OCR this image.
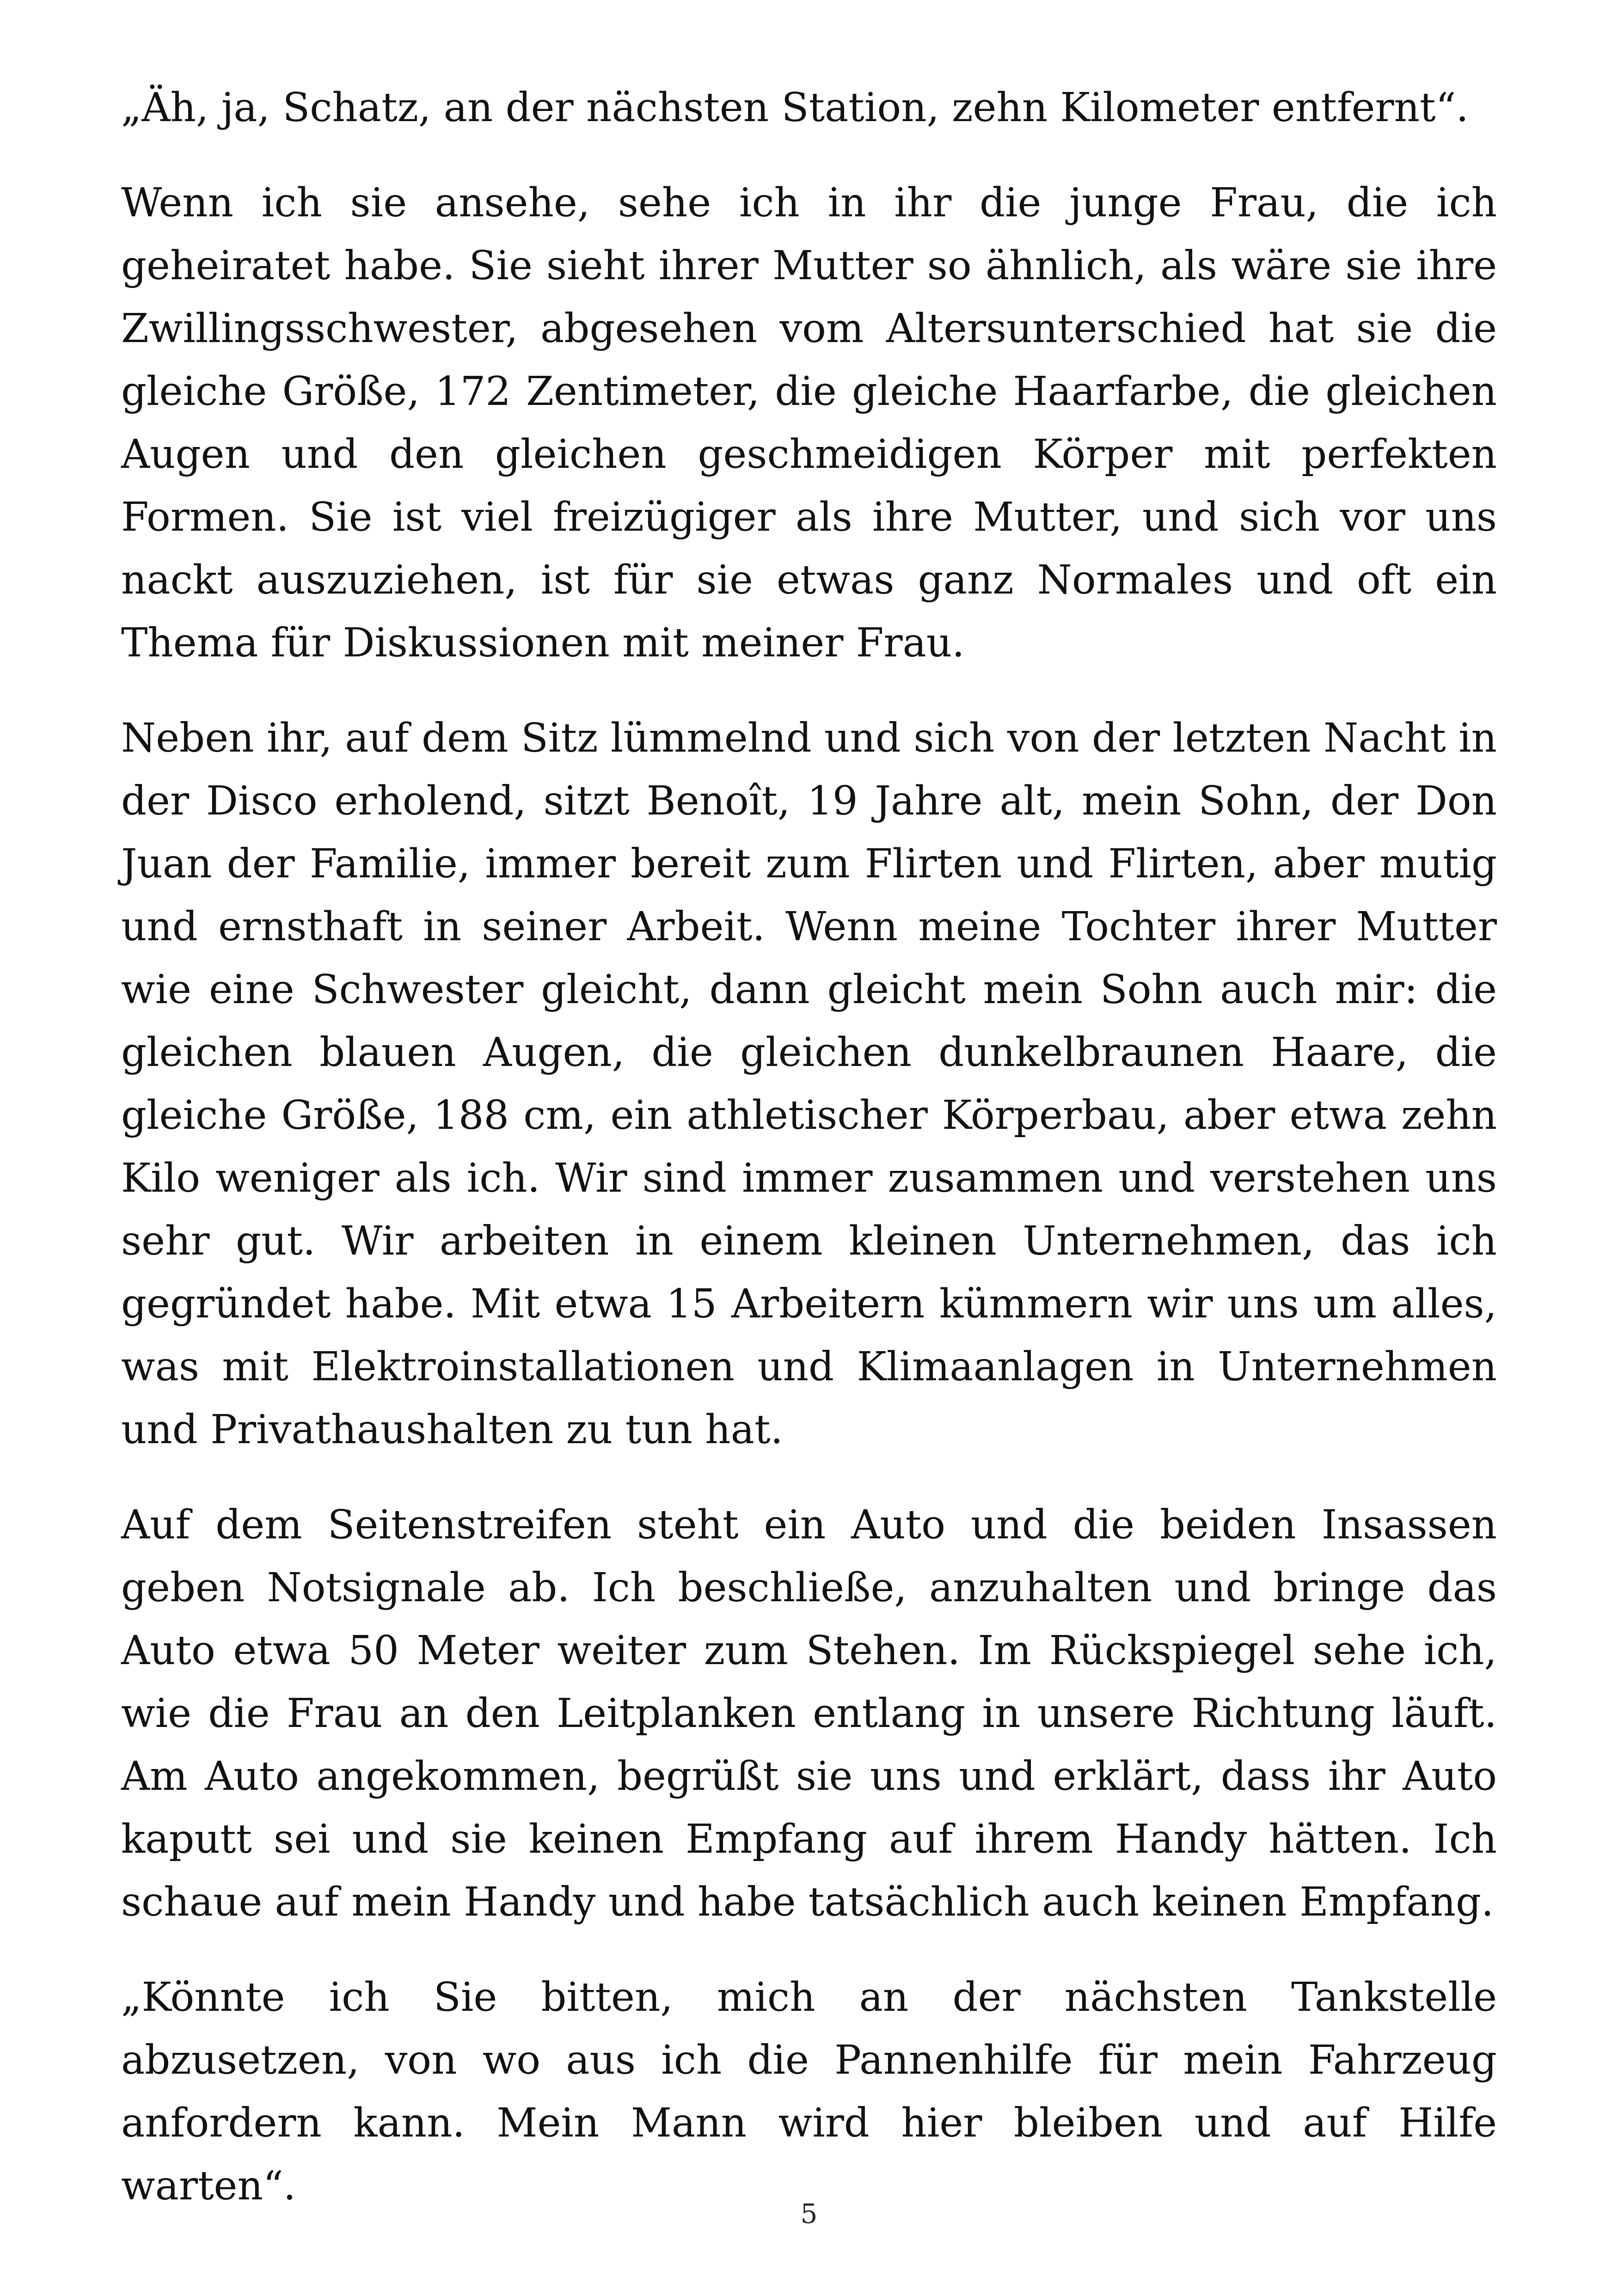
„Äh, ja, Schatz, an der nächsten Station, zehn Kilometer entfernt“.

Wenn ich sie ansehe, sehe ich in ihr die junge Frau, die ich geheiratet habe. Sie sieht ihrer Mutter so ähnlich, als wäre sie ihre Zwillingsschwester, abgesehen vom Altersunterschied hat sie die gleiche Größe, 172 Zentimeter, die gleiche Haarfarbe, die gleichen Augen und den gleichen geschmeidigen Körper mit perfekten Formen. Sie ist viel freizügiger als ihre Mutter, und sich vor uns nackt auszuziehen, ist für sie etwas ganz Normales und oft ein Thema für Diskussionen mit meiner Frau.

Neben ihr, auf dem Sitz lümmelnd und sich von der letzten Nacht in der Disco erholend, sitzt Benoît, 19 Jahre alt, mein Sohn, der Don Juan der Familie, immer bereit zum Flirten und Flirten, aber mutig und ernsthaft in seiner Arbeit. Wenn meine Tochter ihrer Mutter wie eine Schwester gleicht, dann gleicht mein Sohn auch mir: die gleichen blauen Augen, die gleichen dunkelbraunen Haare, die gleiche Größe, 188 cm, ein athletischer Körperbau, aber etwa zehn Kilo weniger als ich. Wir sind immer zusammen und verstehen uns sehr gut. Wir arbeiten in einem kleinen Unternehmen, das ich gegründet habe. Mit etwa 15 Arbeitern kümmern wir uns um alles, was mit Elektroinstallationen und Klimaanlagen in Unternehmen und Privathaushalten zu tun hat.

Auf dem Seitenstreifen steht ein Auto und die beiden Insassen geben Notsignale ab. Ich beschließe, anzuhalten und bringe das Auto etwa 50 Meter weiter zum Stehen. Im Rückspiegel sehe ich, wie die Frau an den Leitplanken entlang in unsere Richtung läuft. Am Auto angekommen, begrüßt sie uns und erklärt, dass ihr Auto kaputt sei und sie keinen Empfang auf ihrem Handy hätten. Ich schaue auf mein Handy und habe tatsächlich auch keinen Empfang.

„Könnte ich Sie bitten, mich an der nächsten Tankstelle abzusetzen, von wo aus ich die Pannenhilfe für mein Fahrzeug anfordern kann. Mein Mann wird hier bleiben und auf Hilfe warten“.

5
